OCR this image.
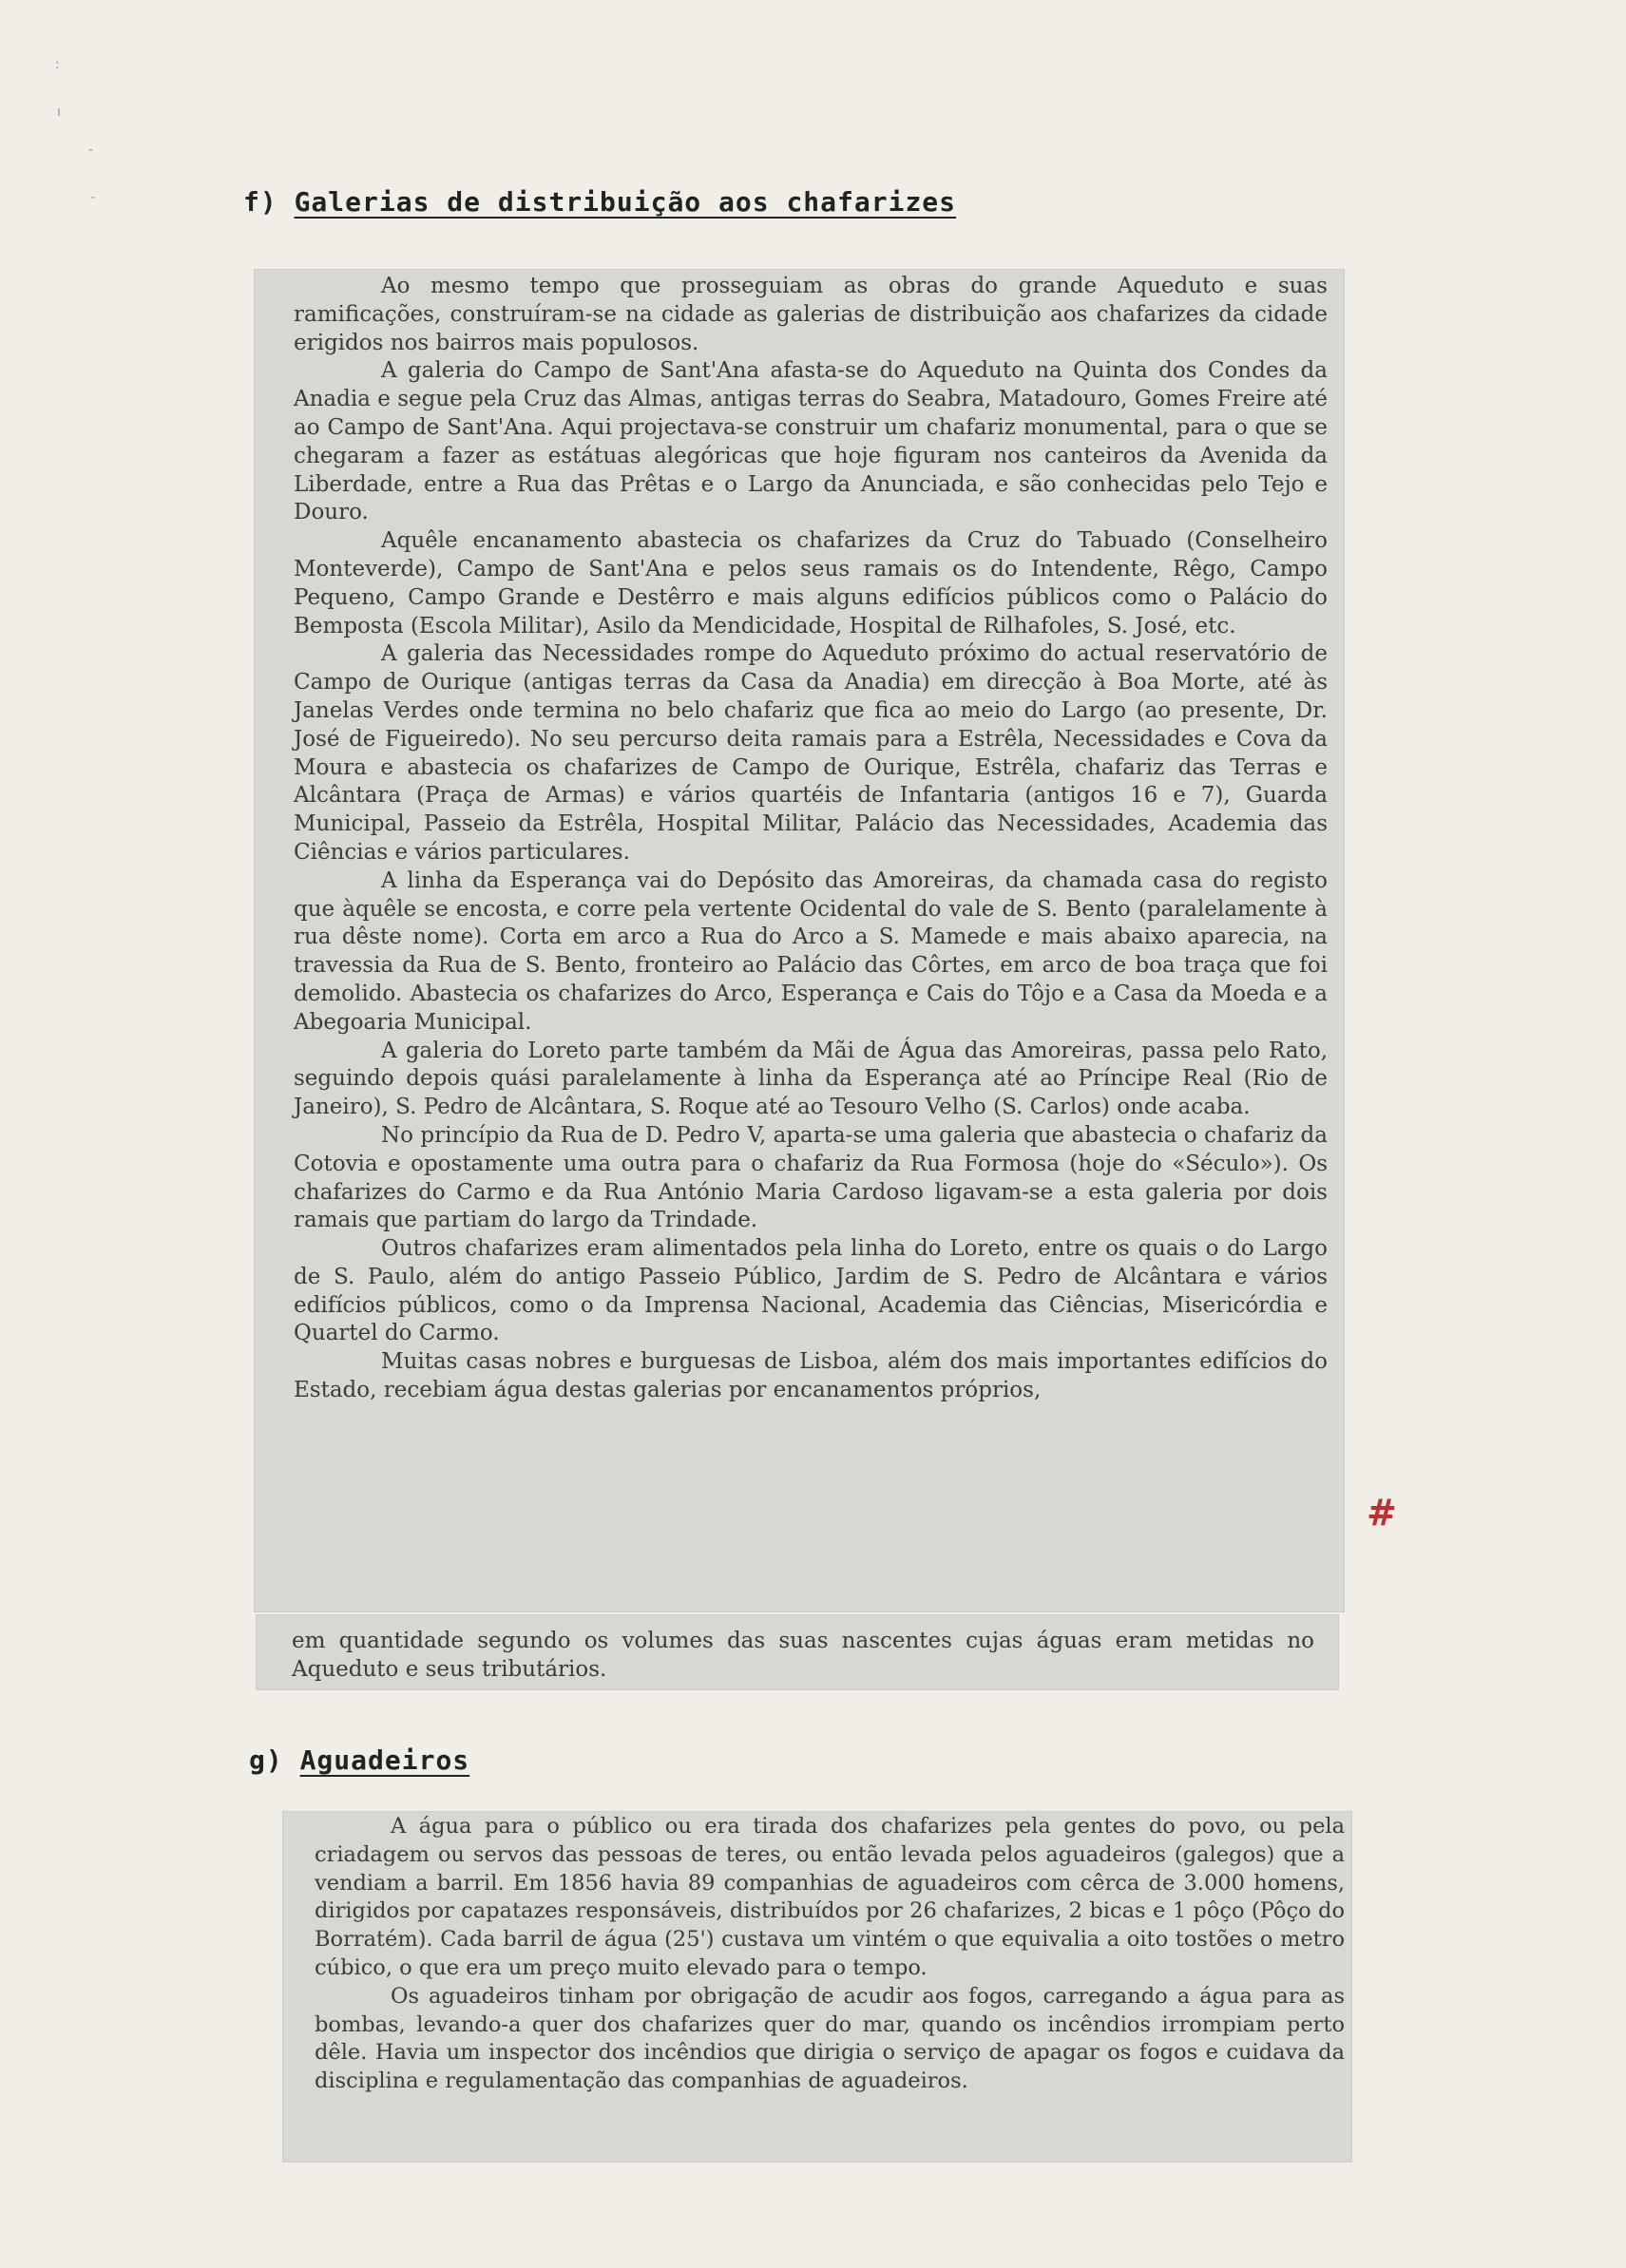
:
ı
-
-	f) Galerias de distribuição aos chafarizes

Ao mesmo tempo que prosseguiam as obras do grande Aqueduto e suas ramificações, construíram-se na cidade as galerias de distribuição aos chafarizes da cidade erigidos nos bairros mais populosos.

A galeria do Campo de Sant'Ana afasta-se do Aqueduto na Quinta dos Condes da Anadia e segue pela Cruz das Almas, antigas terras do Seabra, Matadouro, Gomes Freire até ao Campo de Sant'Ana. Aqui projectava-se construir um chafariz monumental, para o que se chegaram a fazer as estátuas alegóricas que hoje figuram nos canteiros da Avenida da Liberdade, entre a Rua das Prêtas e o Largo da Anunciada, e são conhecidas pelo Tejo e Douro.

Aquêle encanamento abastecia os chafarizes da Cruz do Tabuado (Conselheiro Monteverde), Campo de Sant'Ana e pelos seus ramais os do Intendente, Rêgo, Campo Pequeno, Campo Grande e Destêrro e mais alguns edifícios públicos como o Palácio do Bemposta (Escola Militar), Asilo da Mendicidade, Hospital de Rilhafoles, S. José, etc.

A galeria das Necessidades rompe do Aqueduto próximo do actual reservatório de Campo de Ourique (antigas terras da Casa da Anadia) em direcção à Boa Morte, até às Janelas Verdes onde termina no belo chafariz que fica ao meio do Largo (ao presente, Dr. José de Figueiredo). No seu percurso deita ramais para a Estrêla, Necessidades e Cova da Moura e abastecia os chafarizes de Campo de Ourique, Estrêla, chafariz das Terras e Alcântara (Praça de Armas) e vários quartéis de Infantaria (antigos 16 e 7), Guarda Municipal, Passeio da Estrêla, Hospital Militar, Palácio das Necessidades, Academia das Ciências e vários particulares.

A linha da Esperança vai do Depósito das Amoreiras, da chamada casa do registo que àquêle se encosta, e corre pela vertente Ocidental do vale de S. Bento (paralelamente à rua dêste nome). Corta em arco a Rua do Arco a S. Mamede e mais abaixo aparecia, na travessia da Rua de S. Bento, fronteiro ao Palácio das Côrtes, em arco de boa traça que foi demolido. Abastecia os chafarizes do Arco, Esperança e Cais do Tôjo e a Casa da Moeda e a Abegoaria Municipal.

A galeria do Loreto parte também da Mãi de Água das Amoreiras, passa pelo Rato, seguindo depois quási paralelamente à linha da Esperança até ao Príncipe Real (Rio de Janeiro), S. Pedro de Alcântara, S. Roque até ao Tesouro Velho (S. Carlos) onde acaba.

No princípio da Rua de D. Pedro V, aparta-se uma galeria que abastecia o chafariz da Cotovia e opostamente uma outra para o chafariz da Rua Formosa (hoje do «Século»). Os chafarizes do Carmo e da Rua António Maria Cardoso ligavam-se a esta galeria por dois ramais que partiam do largo da Trindade.

Outros chafarizes eram alimentados pela linha do Loreto, entre os quais o do Largo de S. Paulo, além do antigo Passeio Público, Jardim de S. Pedro de Alcântara e vários edifícios públicos, como o da Imprensa Nacional, Academia das Ciências, Misericórdia e Quartel do Carmo.

Muitas casas nobres e burguesas de Lisboa, além dos mais importantes edifícios do Estado, recebiam água destas galerias por encanamentos próprios,

em quantidade segundo os volumes das suas nascentes cujas águas eram metidas no Aqueduto e seus tributários.

#
g) Aguadeiros

A água para o público ou era tirada dos chafarizes pela gentes do povo, ou pela criadagem ou servos das pessoas de teres, ou então levada pelos aguadeiros (galegos) que a vendiam a barril. Em 1856 havia 89 companhias de aguadeiros com cêrca de 3.000 homens, dirigidos por capatazes responsáveis, distribuídos por 26 chafarizes, 2 bicas e 1 pôço (Pôço do Borratém). Cada barril de água (25') custava um vintém o que equivalia a oito tostões o metro cúbico, o que era um preço muito elevado para o tempo.

Os aguadeiros tinham por obrigação de acudir aos fogos, carregando a água para as bombas, levando-a quer dos chafarizes quer do mar, quando os incêndios irrompiam perto dêle. Havia um inspector dos incêndios que dirigia o serviço de apagar os fogos e cuidava da disciplina e regulamentação das companhias de aguadeiros.
